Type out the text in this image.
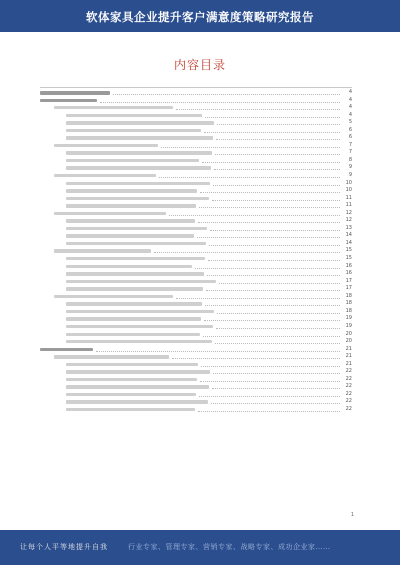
软体家具企业提升客户满意度策略研究报告
内容目录
4
4
4
4
5
6
6
7
7
8
9
9
10
10
11
11
12
12
13
14
14
15
15
16
16
17
17
18
18
18
19
19
20
20
21
21
21
22
22
22
22
22
22
1
让每个人平等地提升自我	行业专家、管理专家、营销专家、战略专家、成功企业家……
